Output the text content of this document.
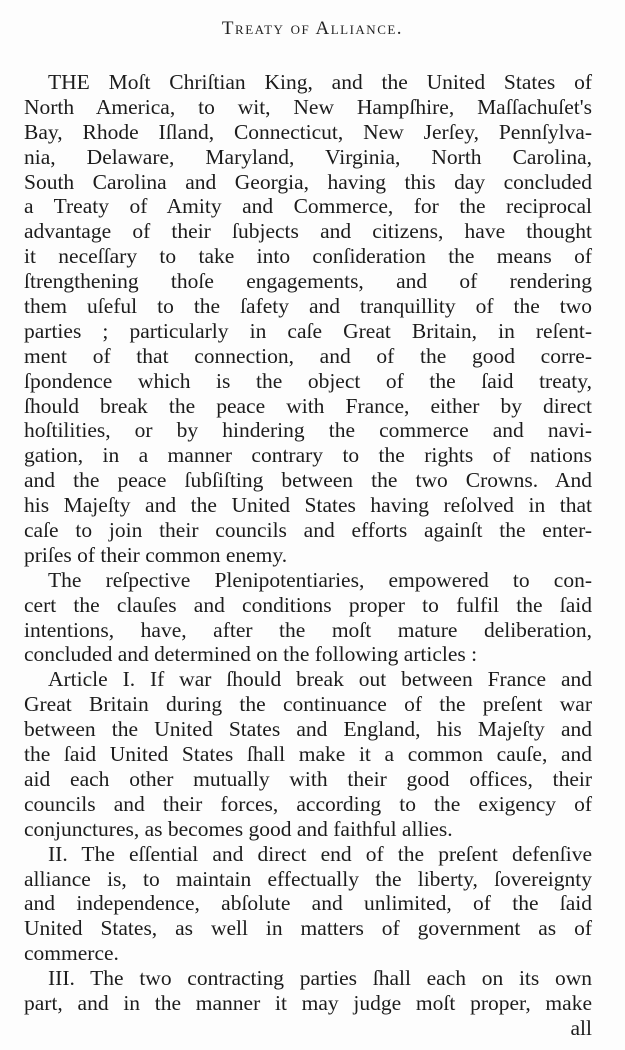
Treaty of Alliance.
THE Moſt Chriſtian King, and the United States of
North America, to wit, New Hampſhire, Maſſachuſet's
Bay, Rhode Iſland, Connecticut, New Jerſey, Pennſylva-
nia, Delaware, Maryland, Virginia, North Carolina,
South Carolina and Georgia, having this day concluded
a Treaty of Amity and Commerce, for the reciprocal
advantage of their ſubjects and citizens, have thought
it neceſſary to take into conſideration the means of
ſtrengthening thoſe engagements, and of rendering
them uſeful to the ſafety and tranquillity of the two
parties ; particularly in caſe Great Britain, in reſent-
ment of that connection, and of the good corre-
ſpondence which is the object of the ſaid treaty,
ſhould break the peace with France, either by direct
hoſtilities, or by hindering the commerce and navi-
gation, in a manner contrary to the rights of nations
and the peace ſubſiſting between the two Crowns. And
his Majeſty and the United States having reſolved in that
caſe to join their councils and efforts againſt the enter-
priſes of their common enemy.
The reſpective Plenipotentiaries, empowered to con-
cert the clauſes and conditions proper to fulfil the ſaid
intentions, have, after the moſt mature deliberation,
concluded and determined on the following articles :
Article I. If war ſhould break out between France and
Great Britain during the continuance of the preſent war
between the United States and England, his Majeſty and
the ſaid United States ſhall make it a common cauſe, and
aid each other mutually with their good offices, their
councils and their forces, according to the exigency of
conjunctures, as becomes good and faithful allies.
II. The eſſential and direct end of the preſent defenſive
alliance is, to maintain effectually the liberty, ſovereignty
and independence, abſolute and unlimited, of the ſaid
United States, as well in matters of government as of
commerce.
III. The two contracting parties ſhall each on its own
part, and in the manner it may judge moſt proper, make
all
